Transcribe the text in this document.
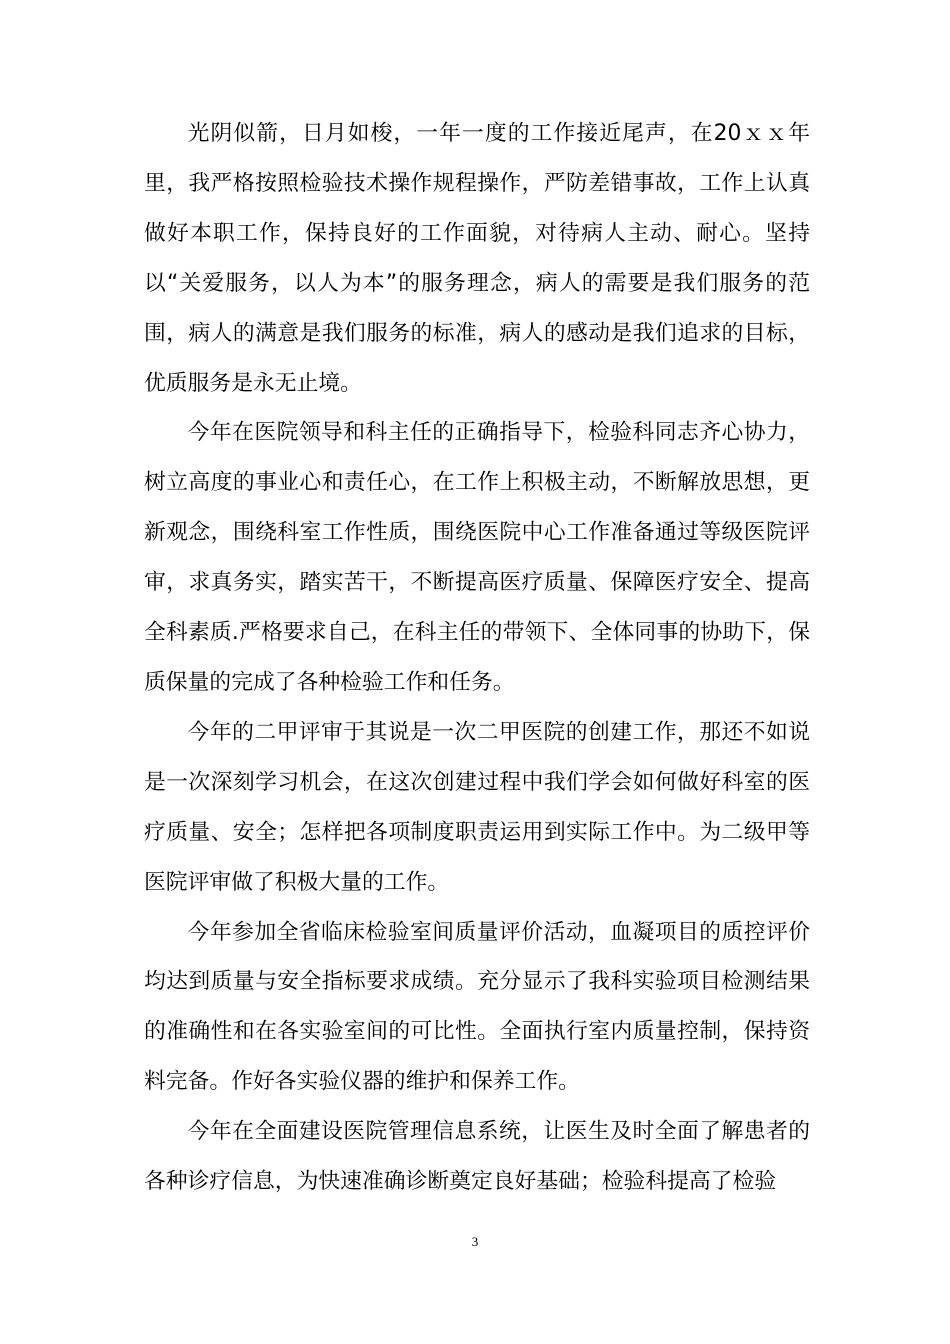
光阴似箭，日月如梭，一年一度的工作接近尾声，在20ｘｘ年里，我严格按照检验技术操作规程操作，严防差错事故，工作上认真做好本职工作，保持良好的工作面貌，对待病人主动、耐心。坚持以“关爱服务，以人为本”的服务理念，病人的需要是我们服务的范围，病人的满意是我们服务的标准，病人的感动是我们追求的目标，优质服务是永无止境。

今年在医院领导和科主任的正确指导下，检验科同志齐心协力，树立高度的事业心和责任心，在工作上积极主动，不断解放思想，更新观念，围绕科室工作性质，围绕医院中心工作准备通过等级医院评审，求真务实，踏实苦干，不断提高医疗质量、保障医疗安全、提高全科素质.严格要求自己，在科主任的带领下、全体同事的协助下，保质保量的完成了各种检验工作和任务。

今年的二甲评审于其说是一次二甲医院的创建工作，那还不如说是一次深刻学习机会，在这次创建过程中我们学会如何做好科室的医疗质量、安全；怎样把各项制度职责运用到实际工作中。为二级甲等医院评审做了积极大量的工作。

今年参加全省临床检验室间质量评价活动，血凝项目的质控评价均达到质量与安全指标要求成绩。充分显示了我科实验项目检测结果的准确性和在各实验室间的可比性。全面执行室内质量控制，保持资料完备。作好各实验仪器的维护和保养工作。

今年在全面建设医院管理信息系统，让医生及时全面了解患者的各种诊疗信息，为快速准确诊断奠定良好基础；检验科提高了检验

3
